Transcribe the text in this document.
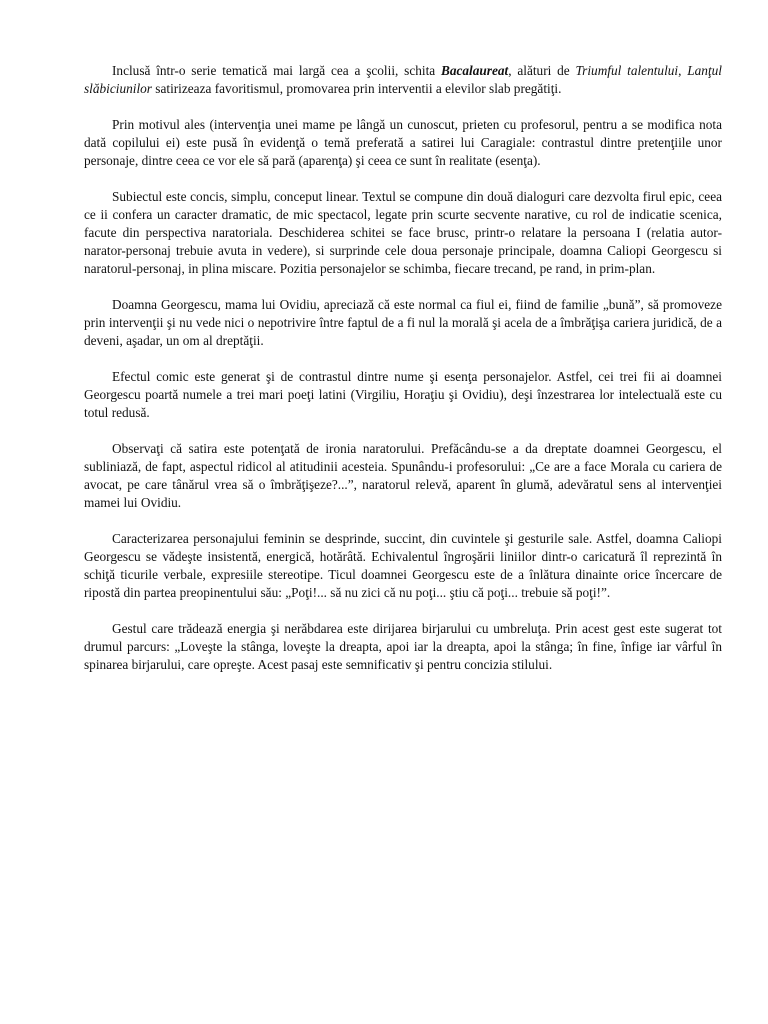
Inclusă într-o serie tematică mai largă cea a şcolii, schita Bacalaureat, alături de Triumful talentului, Lanţul slăbiciunilor satirizeaza favoritismul, promovarea prin interventii a elevilor slab pregătiţi.

Prin motivul ales (intervenţia unei mame pe lângă un cunoscut, prieten cu profesorul, pentru a se modifica nota dată copilului ei) este pusă în evidenţă o temă preferată a satirei lui Caragiale: contrastul dintre pretenţiile unor personaje, dintre ceea ce vor ele să pară (aparenţa) şi ceea ce sunt în realitate (esenţa).

Subiectul este concis, simplu, conceput linear. Textul se compune din două dialoguri care dezvolta firul epic, ceea ce ii confera un caracter dramatic, de mic spectacol, legate prin scurte secvente narative, cu rol de indicatie scenica, facute din perspectiva naratoriala. Deschiderea schitei se face brusc, printr-o relatare la persoana I (relatia autor-narator-personaj trebuie avuta in vedere), si surprinde cele doua personaje principale, doamna Caliopi Georgescu si naratorul-personaj, in plina miscare. Pozitia personajelor se schimba, fiecare trecand, pe rand, in prim-plan.

Doamna Georgescu, mama lui Ovidiu, apreciază că este normal ca fiul ei, fiind de familie „bună”, să promoveze prin intervenţii şi nu vede nici o nepotrivire între faptul de a fi nul la morală şi acela de a îmbrăţişa cariera juridică, de a deveni, aşadar, un om al dreptăţii.

Efectul comic este generat şi de contrastul dintre nume şi esenţa personajelor. Astfel, cei trei fii ai doamnei Georgescu poartă numele a trei mari poeţi latini (Virgiliu, Horaţiu şi Ovidiu), deşi înzestrarea lor intelectuală este cu totul redusă.

Observaţi că satira este potenţată de ironia naratorului. Prefăcându-se a da dreptate doamnei Georgescu, el subliniază, de fapt, aspectul ridicol al atitudinii acesteia. Spunându-i profesorului: „Ce are a face Morala cu cariera de avocat, pe care tânărul vrea să o îmbrăţişeze?...”, naratorul relevă, aparent în glumă, adevăratul sens al intervenţiei mamei lui Ovidiu.

Caracterizarea personajului feminin se desprinde, succint, din cuvintele şi gesturile sale. Astfel, doamna Caliopi Georgescu se vădeşte insistentă, energică, hotărâtă. Echivalentul îngroşării liniilor dintr-o caricatură îl reprezintă în schiţă ticurile verbale, expresiile stereotipe. Ticul doamnei Georgescu este de a înlătura dinainte orice încercare de ripostă din partea preopinentului său: „Poţi!... să nu zici că nu poţi... ştiu că poţi... trebuie să poţi!”.

Gestul care trădează energia şi nerăbdarea este dirijarea birjarului cu umbreluţa. Prin acest gest este sugerat tot drumul parcurs: „Loveşte la stânga, loveşte la dreapta, apoi iar la dreapta, apoi la stânga; în fine, înfige iar vârful în spinarea birjarului, care opreşte. Acest pasaj este semnificativ şi pentru concizia stilului.
